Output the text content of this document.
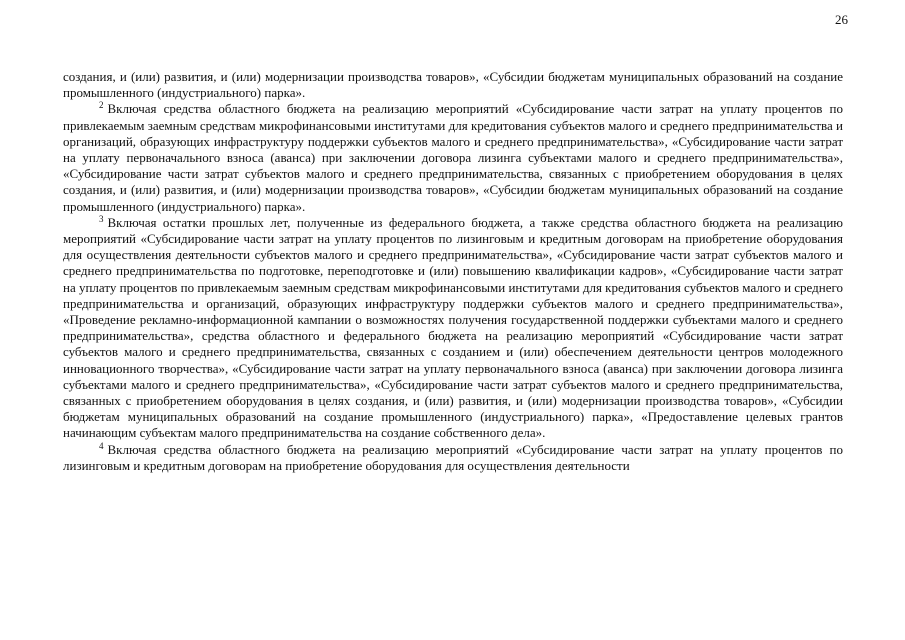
26

создания, и (или) развития, и (или) модернизации производства товаров», «Субсидии бюджетам муниципальных образований на создание промышленного (индустриального) парка».

$^2$ Включая средства областного бюджета на реализацию мероприятий «Субсидирование части затрат на уплату процентов по привлекаемым заемным средствам микрофинансовыми институтами для кредитования субъектов малого и среднего предпринимательства и организаций, образующих инфраструктуру поддержки субъектов малого и среднего предпринимательства», «Субсидирование части затрат на уплату первоначального взноса (аванса) при заключении договора лизинга субъектами малого и среднего предпринимательства», «Субсидирование части затрат субъектов малого и среднего предпринимательства, связанных с приобретением оборудования в целях создания, и (или) развития, и (или) модернизации производства товаров», «Субсидии бюджетам муниципальных образований на создание промышленного (индустриального) парка».

$^3$ Включая остатки прошлых лет, полученные из федерального бюджета, а также средства областного бюджета на реализацию мероприятий «Субсидирование части затрат на уплату процентов по лизинговым и кредитным договорам на приобретение оборудования для осуществления деятельности субъектов малого и среднего предпринимательства», «Субсидирование части затрат субъектов малого и среднего предпринимательства по подготовке, переподготовке и (или) повышению квалификации кадров», «Субсидирование части затрат на уплату процентов по привлекаемым заемным средствам микрофинансовыми институтами для кредитования субъектов малого и среднего предпринимательства и организаций, образующих инфраструктуру поддержки субъектов малого и среднего предпринимательства», «Проведение рекламно-информационной кампании о возможностях получения государственной поддержки субъектами малого и среднего предпринимательства», средства областного и федерального бюджета на реализацию мероприятий «Субсидирование части затрат субъектов малого и среднего предпринимательства, связанных с созданием и (или) обеспечением деятельности центров молодежного инновационного творчества», «Субсидирование части затрат на уплату первоначального взноса (аванса) при заключении договора лизинга субъектами малого и среднего предпринимательства», «Субсидирование части затрат субъектов малого и среднего предпринимательства, связанных с приобретением оборудования в целях создания, и (или) развития, и (или) модернизации производства товаров», «Субсидии бюджетам муниципальных образований на создание промышленного (индустриального) парка», «Предоставление целевых грантов начинающим субъектам малого предпринимательства на создание собственного дела».

$^4$ Включая средства областного бюджета на реализацию мероприятий «Субсидирование части затрат на уплату процентов по лизинговым и кредитным договорам на приобретение оборудования для осуществления деятельности
